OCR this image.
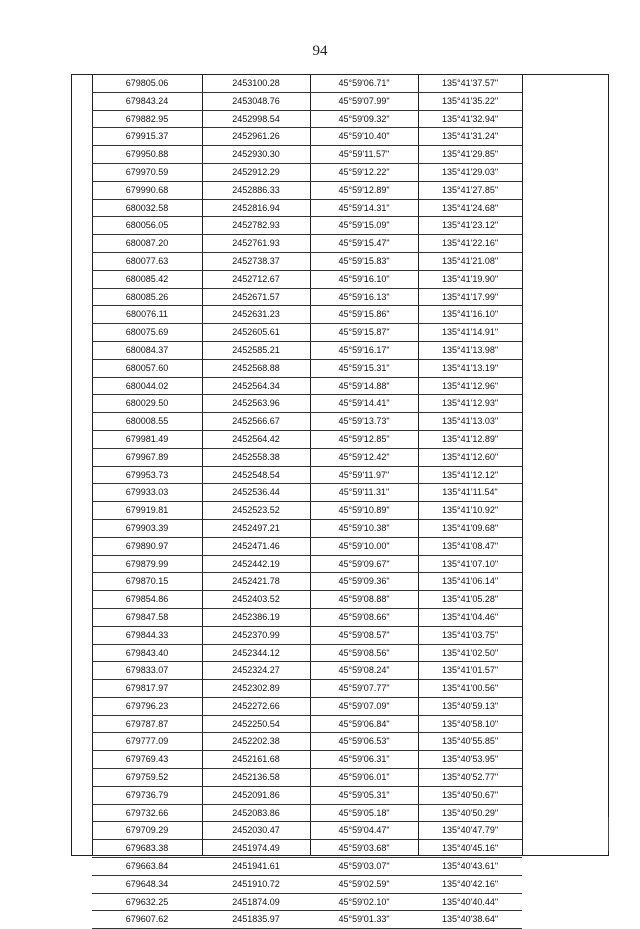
94
679805.06	2453100.28	45°59'06.71"	135°41'37.57"
679843.24	2453048.76	45°59'07.99"	135°41'35.22"
679882.95	2452998.54	45°59'09.32"	135°41'32.94"
679915.37	2452961.26	45°59'10.40"	135°41'31.24"
679950.88	2452930.30	45°59'11.57"	135°41'29.85"
679970.59	2452912.29	45°59'12.22"	135°41'29.03"
679990.68	2452886.33	45°59'12.89"	135°41'27.85"
680032.58	2452816.94	45°59'14.31"	135°41'24.68"
680056.05	2452782.93	45°59'15.09"	135°41'23.12"
680087.20	2452761.93	45°59'15.47"	135°41'22.16"
680077.63	2452738.37	45°59'15.83"	135°41'21.08"
680085.42	2452712.67	45°59'16.10"	135°41'19.90"
680085.26	2452671.57	45°59'16.13"	135°41'17.99"
680076.11	2452631.23	45°59'15.86"	135°41'16.10"
680075.69	2452605.61	45°59'15.87"	135°41'14.91"
680084.37	2452585.21	45°59'16.17"	135°41'13.98"
680057.60	2452568.88	45°59'15.31"	135°41'13.19"
680044.02	2452564.34	45°59'14.88"	135°41'12.96"
680029.50	2452563.96	45°59'14.41"	135°41'12.93"
680008.55	2452566.67	45°59'13.73"	135°41'13.03"
679981.49	2452564.42	45°59'12.85"	135°41'12.89"
679967.89	2452558.38	45°59'12.42"	135°41'12.60"
679953.73	2452548.54	45°59'11.97"	135°41'12.12"
679933.03	2452536.44	45°59'11.31"	135°41'11.54"
679919.81	2452523.52	45°59'10.89"	135°41'10.92"
679903.39	2452497.21	45°59'10.38"	135°41'09.68"
679890.97	2452471.46	45°59'10.00"	135°41'08.47"
679879.99	2452442.19	45°59'09.67"	135°41'07.10"
679870.15	2452421.78	45°59'09.36"	135°41'06.14"
679854.86	2452403.52	45°59'08.88"	135°41'05.28"
679847.58	2452386.19	45°59'08.66"	135°41'04.46"
679844.33	2452370.99	45°59'08.57"	135°41'03.75"
679843.40	2452344.12	45°59'08.56"	135°41'02.50"
679833.07	2452324.27	45°59'08.24"	135°41'01.57"
679817.97	2452302.89	45°59'07.77"	135°41'00.56"
679796.23	2452272.66	45°59'07.09"	135°40'59.13"
679787.87	2452250.54	45°59'06.84"	135°40'58.10"
679777.09	2452202.38	45°59'06.53"	135°40'55.85"
679769.43	2452161.68	45°59'06.31"	135°40'53.95"
679759.52	2452136.58	45°59'06.01"	135°40'52.77"
679736.79	2452091.86	45°59'05.31"	135°40'50.67"
679732.66	2452083.86	45°59'05.18"	135°40'50.29"
679709.29	2452030.47	45°59'04.47"	135°40'47.79"
679683.38	2451974.49	45°59'03.68"	135°40'45.16"
679663.84	2451941.61	45°59'03.07"	135°40'43.61"
679648.34	2451910.72	45°59'02.59"	135°40'42.16"
679632.25	2451874.09	45°59'02.10"	135°40'40.44"
679607.62	2451835.97	45°59'01.33"	135°40'38.64"
